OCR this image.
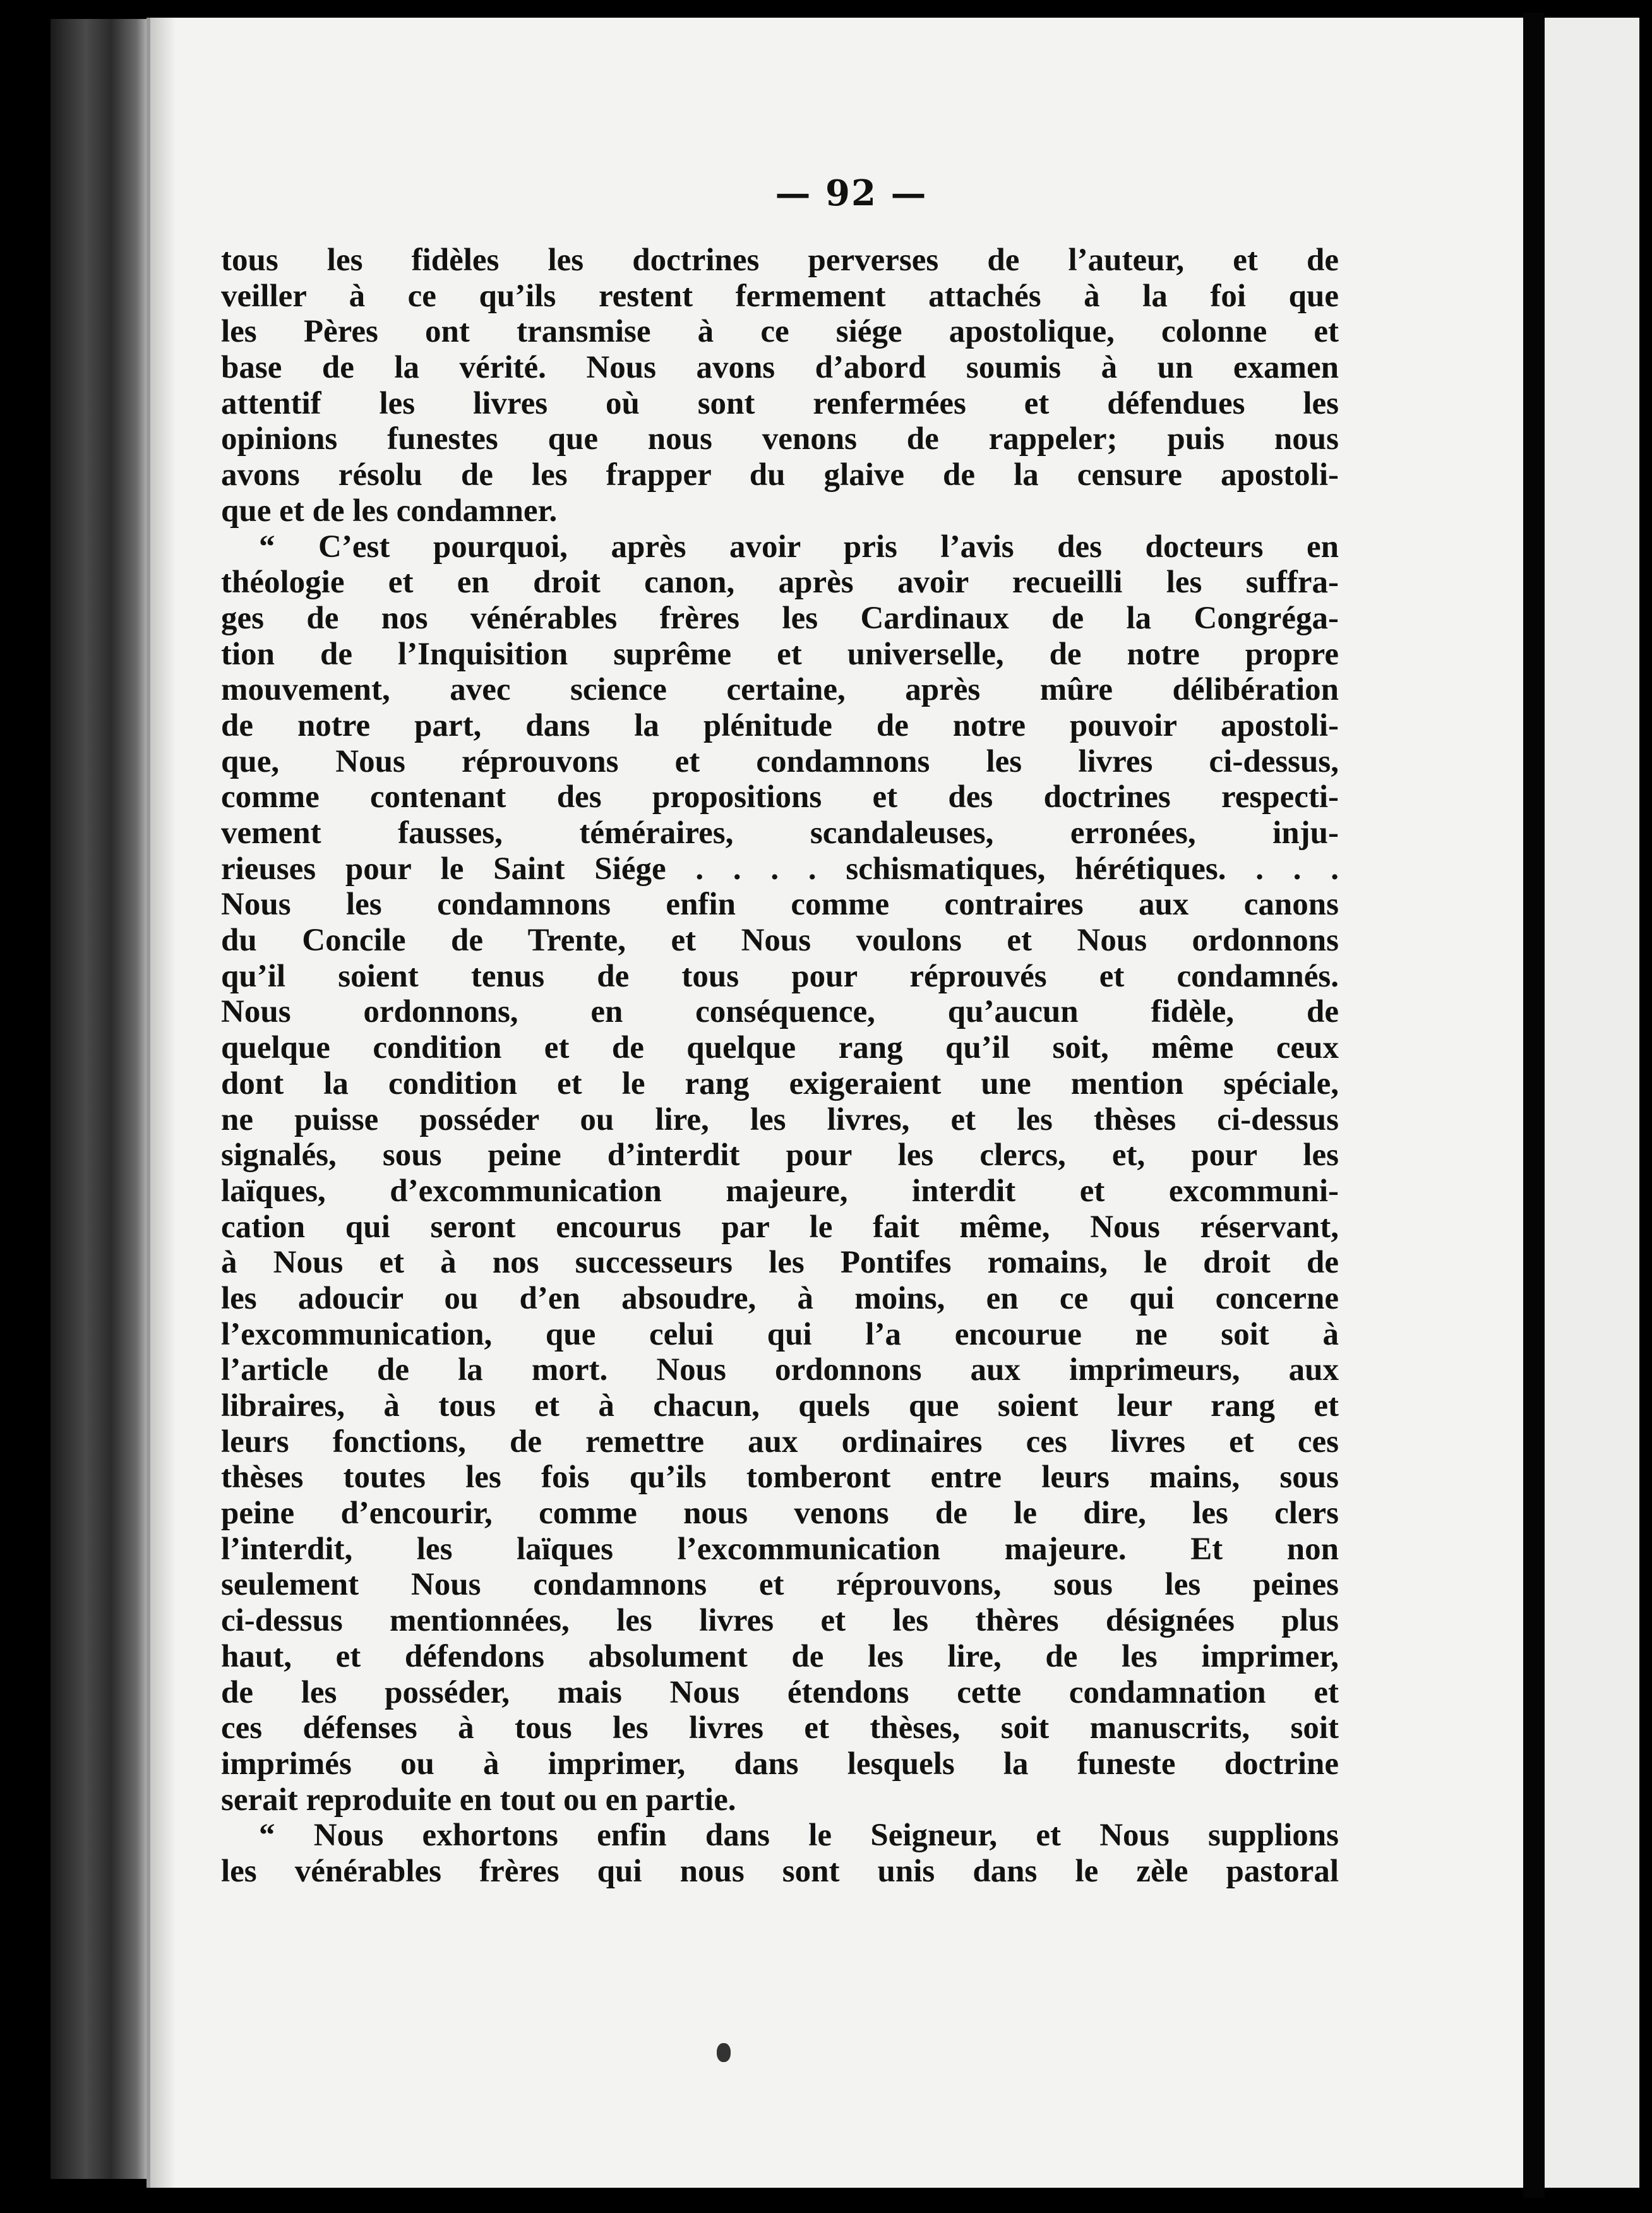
— 92 —
tous les fidèles les doctrines perverses de l’auteur, et de
veiller à ce qu’ils restent fermement attachés à la foi que
les Pères ont transmise à ce siége apostolique, colonne et
base de la vérité. Nous avons d’abord soumis à un examen
attentif les livres où sont renfermées et défendues les
opinions funestes que nous venons de rappeler; puis nous
avons résolu de les frapper du glaive de la censure apostoli-
que et de les condamner.
“ C’est pourquoi, après avoir pris l’avis des docteurs en
théologie et en droit canon, après avoir recueilli les suffra-
ges de nos vénérables frères les Cardinaux de la Congréga-
tion de l’Inquisition suprême et universelle, de notre propre
mouvement, avec science certaine, après mûre délibération
de notre part, dans la plénitude de notre pouvoir apostoli-
que, Nous réprouvons et condamnons les livres ci-dessus,
comme contenant des propositions et des doctrines respecti-
vement fausses, téméraires, scandaleuses, erronées, inju-
rieuses pour le Saint Siége . . . . schismatiques, hérétiques. . . .
Nous les condamnons enfin comme contraires aux canons
du Concile de Trente, et Nous voulons et Nous ordonnons
qu’il soient tenus de tous pour réprouvés et condamnés.
Nous ordonnons, en conséquence, qu’aucun fidèle, de
quelque condition et de quelque rang qu’il soit, même ceux
dont la condition et le rang exigeraient une mention spéciale,
ne puisse posséder ou lire, les livres, et les thèses ci-dessus
signalés, sous peine d’interdit pour les clercs, et, pour les
laïques, d’excommunication majeure, interdit et excommuni-
cation qui seront encourus par le fait même, Nous réservant,
à Nous et à nos successeurs les Pontifes romains, le droit de
les adoucir ou d’en absoudre, à moins, en ce qui concerne
l’excommunication, que celui qui l’a encourue ne soit à
l’article de la mort. Nous ordonnons aux imprimeurs, aux
libraires, à tous et à chacun, quels que soient leur rang et
leurs fonctions, de remettre aux ordinaires ces livres et ces
thèses toutes les fois qu’ils tomberont entre leurs mains, sous
peine d’encourir, comme nous venons de le dire, les clers
l’interdit, les laïques l’excommunication majeure. Et non
seulement Nous condamnons et réprouvons, sous les peines
ci-dessus mentionnées, les livres et les thères désignées plus
haut, et défendons absolument de les lire, de les imprimer,
de les posséder, mais Nous étendons cette condamnation et
ces défenses à tous les livres et thèses, soit manuscrits, soit
imprimés ou à imprimer, dans lesquels la funeste doctrine
serait reproduite en tout ou en partie.
“ Nous exhortons enfin dans le Seigneur, et Nous supplions
les vénérables frères qui nous sont unis dans le zèle pastoral
